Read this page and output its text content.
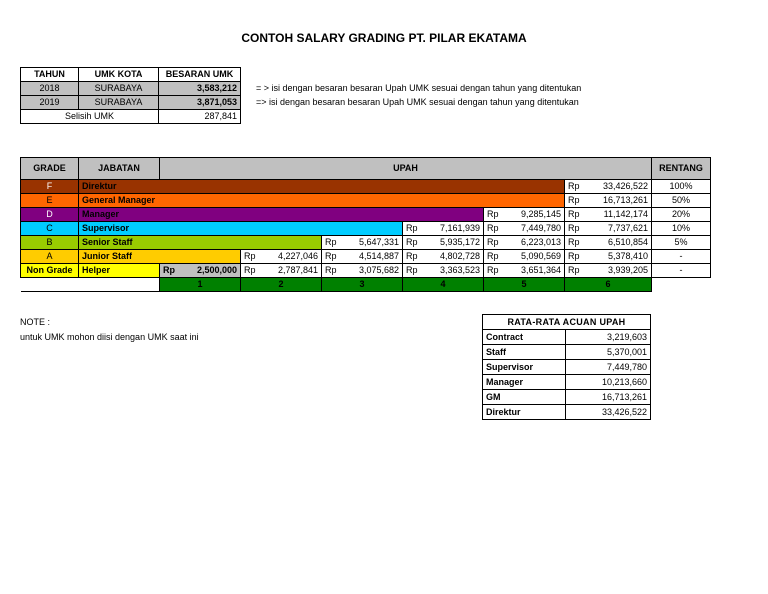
CONTOH SALARY GRADING PT. PILAR EKATAMA
TAHUN	UMK KOTA	BESARAN UMK
2018	SURABAYA	3,583,212
2019	SURABAYA	3,871,053
Selisih UMK		287,841
= > isi dengan besaran besaran Upah UMK sesuai dengan tahun yang ditentukan
=> isi dengan besaran besaran Upah UMK sesuai dengan tahun yang ditentukan
GRADE	JABATAN	UPAH						RENTANG
F	Direktur						Rp 33,426,522	100%
E	General Manager						Rp 16,713,261	50%
D	Manager					Rp 9,285,145	Rp 11,142,174	20%
C	Supervisor				Rp 7,161,939	Rp 7,449,780	Rp 7,737,621	10%
B	Senior Staff			Rp 5,647,331	Rp 5,935,172	Rp 6,223,013	Rp 6,510,854	5%
A	Junior Staff		Rp 4,227,046	Rp 4,514,887	Rp 4,802,728	Rp 5,090,569	Rp 5,378,410	-
Non Grade	Helper	Rp 2,500,000	Rp 2,787,841	Rp 3,075,682	Rp 3,363,523	Rp 3,651,364	Rp 3,939,205	-
		1	2	3	4	5	6	
NOTE :
untuk UMK mohon diisi dengan UMK saat ini
RATA-RATA ACUAN UPAH	
Contract	3,219,603
Staff	5,370,001
Supervisor	7,449,780
Manager	10,213,660
GM	16,713,261
Direktur	33,426,522
